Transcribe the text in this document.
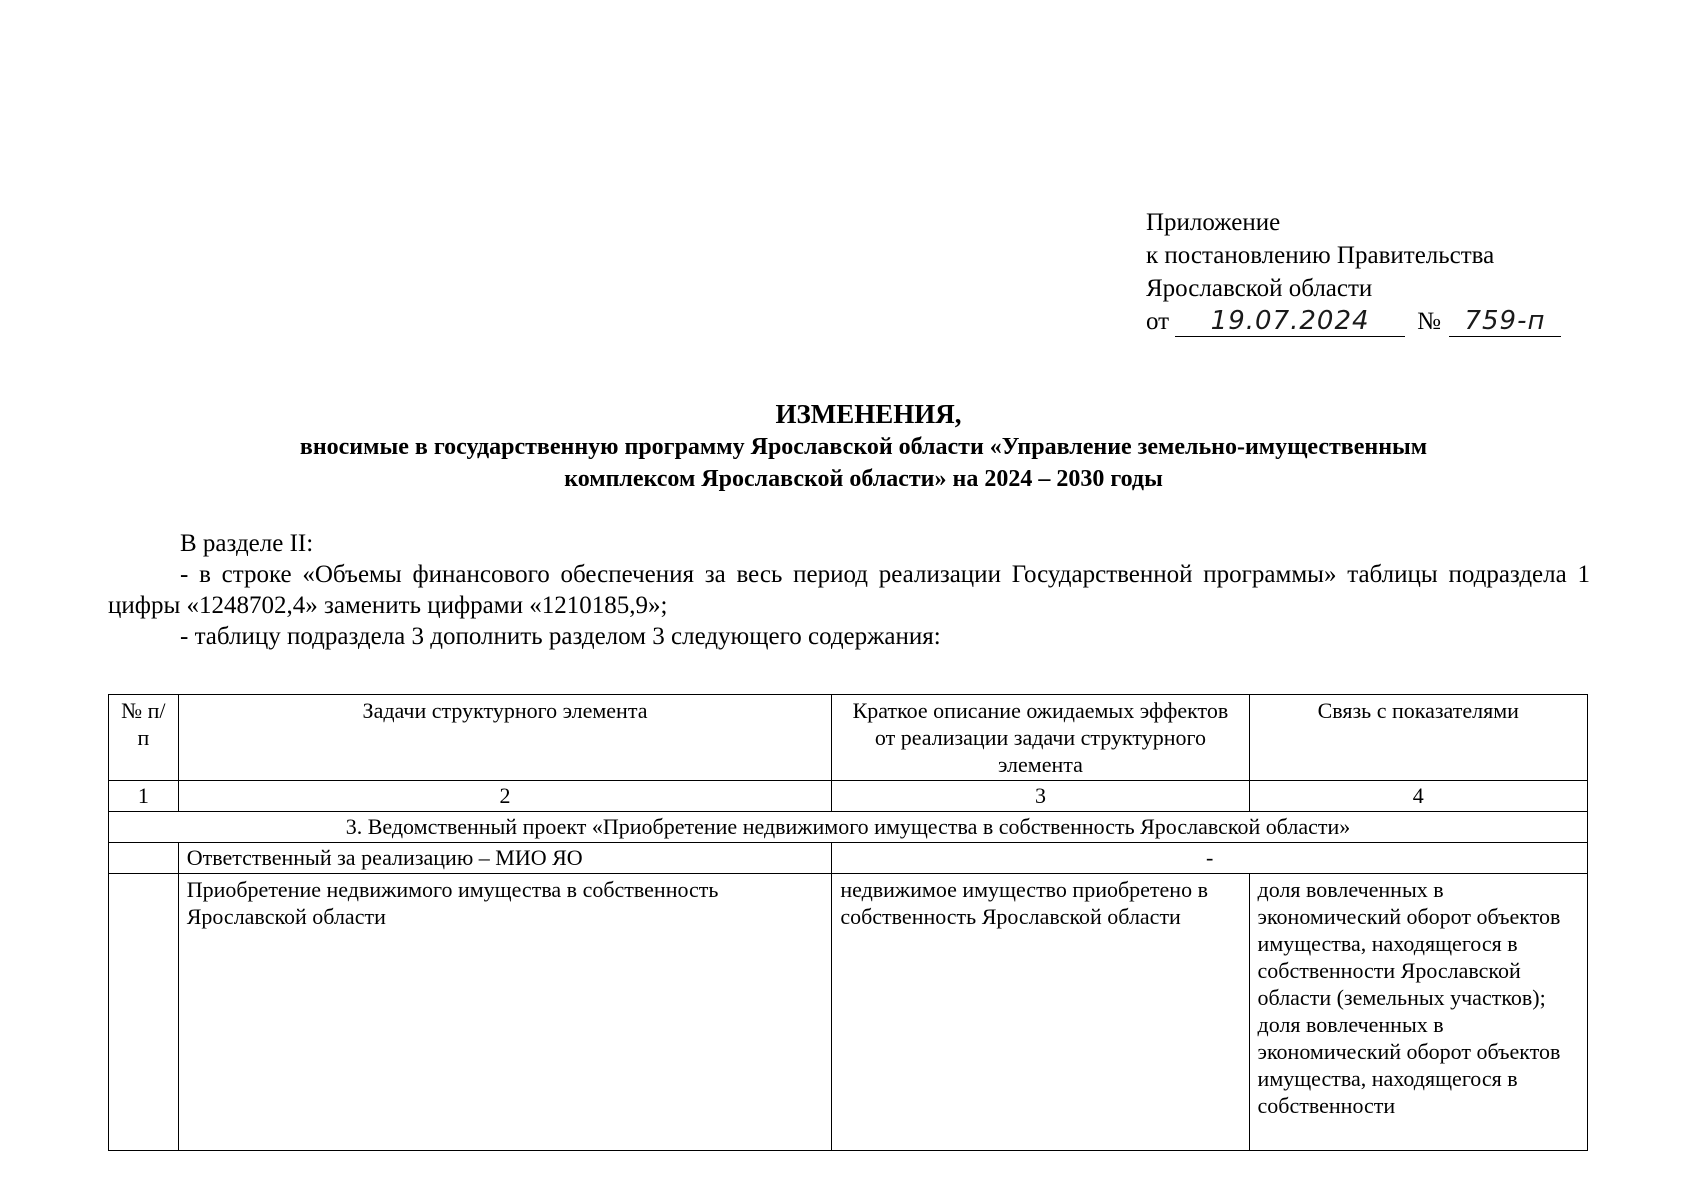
Приложение
к постановлению Правительства
Ярославской области
от 19.07.2024 № 759-п
ИЗМЕНЕНИЯ,
вносимые в государственную программу Ярославской области «Управление земельно-имущественным
комплексом Ярославской области» на 2024 – 2030 годы

В разделе II:

- в строке «Объемы финансового обеспечения за весь период реализации Государственной программы» таблицы подраздела 1 цифры «1248702,4» заменить цифрами «1210185,9»;

- таблицу подраздела 3 дополнить разделом 3 следующего содержания:

№ п/п	Задачи структурного элемента	Краткое описание ожидаемых эффектов от реализации задачи структурного элемента	Связь с показателями
1	2	3	4
3. Ведомственный проект «Приобретение недвижимого имущества в собственность Ярославской области»			
	Ответственный за реализацию – МИО ЯО	-	
	Приобретение недвижимого имущества в собственность Ярославской области	недвижимое имущество приобретено в собственность Ярославской области	доля вовлеченных в экономический оборот объектов имущества, находящегося в собственности Ярославской области (земельных участков);
доля вовлеченных в экономический оборот объектов имущества, находящегося в собственности
